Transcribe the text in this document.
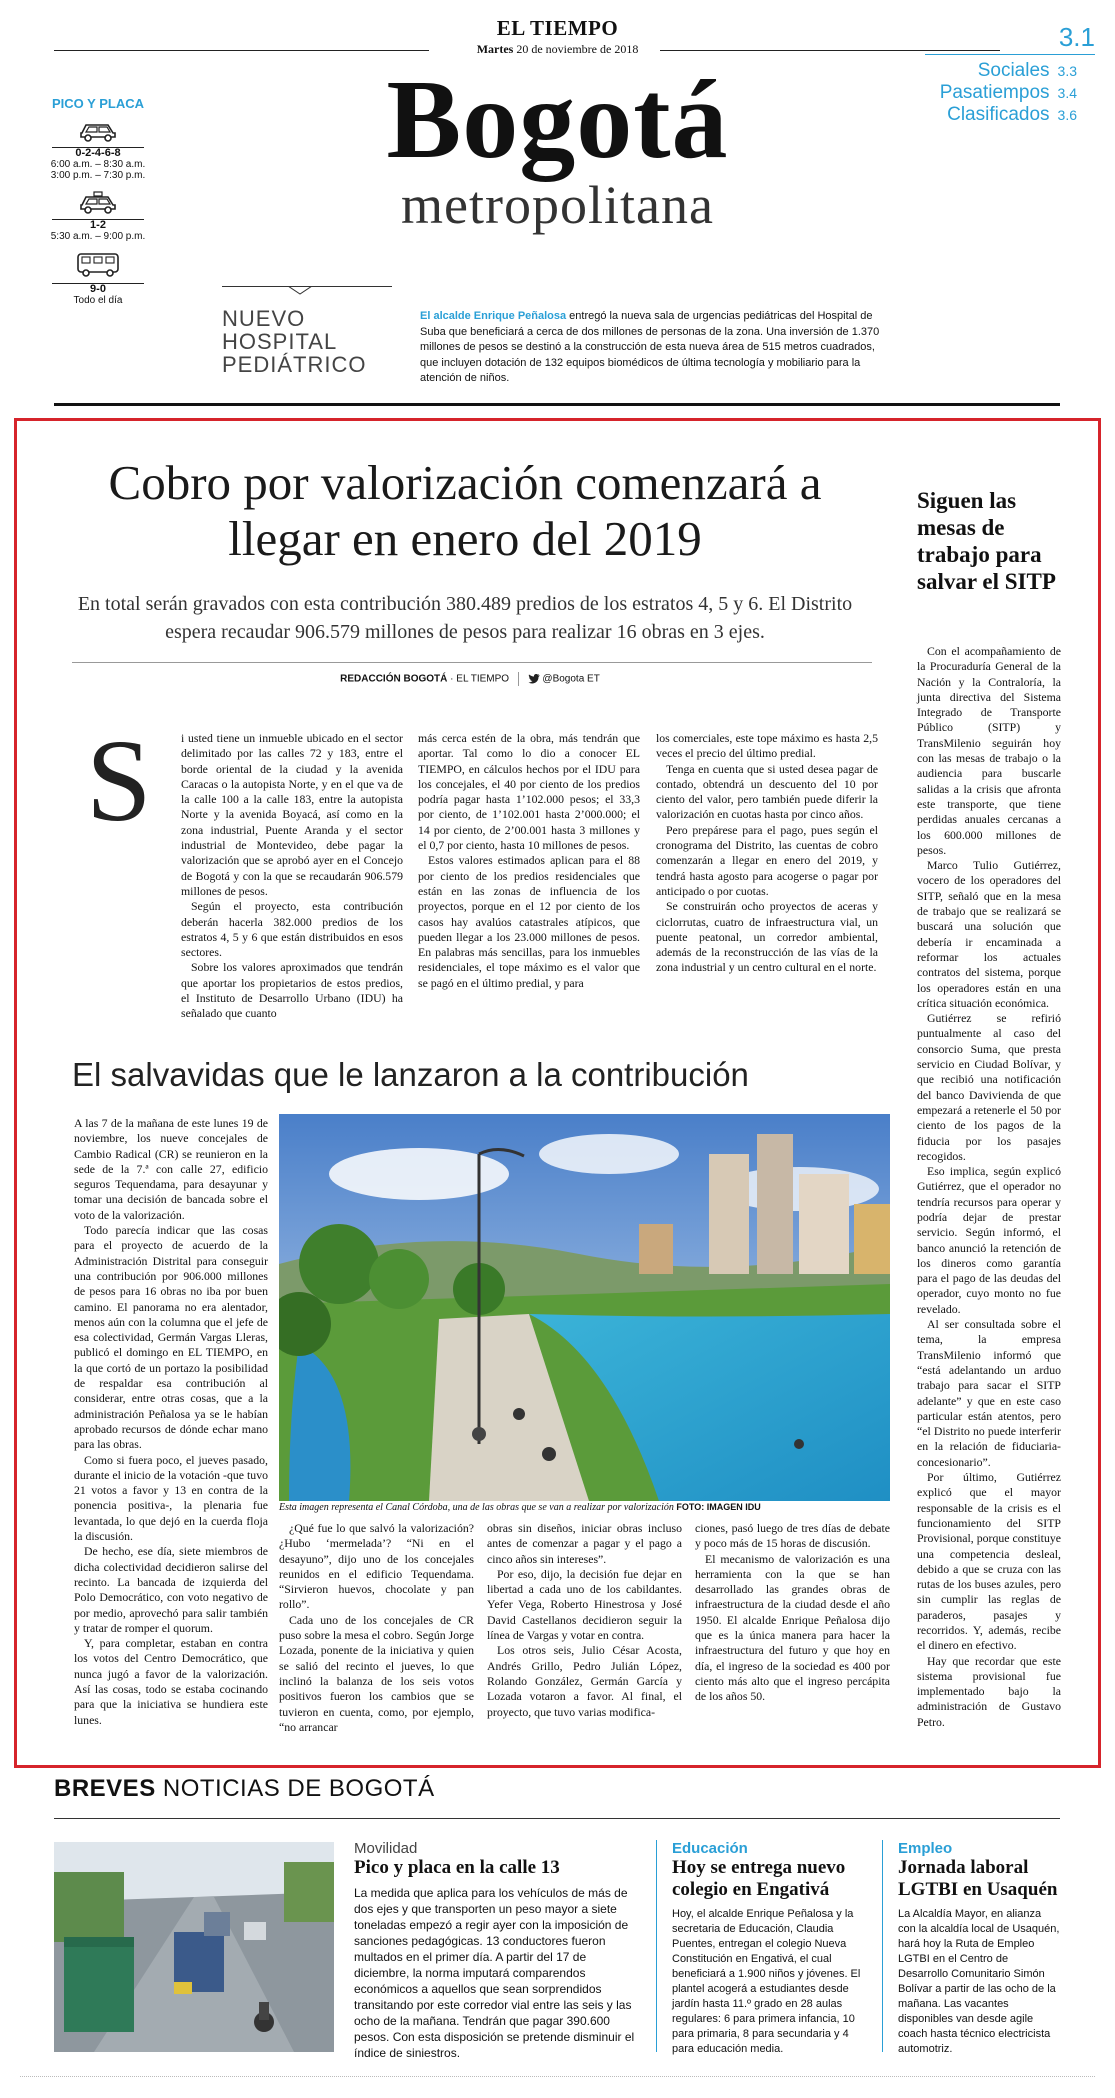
EL TIEMPO
Martes 20 de noviembre de 2018	3.1
Sociales 3.3
Pasatiempos 3.4
Clasificados 3.6
Bogotá
metropolitana
PICO Y PLACA
0-2-4-6-8
6:00 a.m. – 8:30 a.m.
3:00 p.m. – 7:30 p.m.
1-2
5:30 a.m. – 9:00 p.m.
9-0
Todo el día
NUEVO
HOSPITAL
PEDIÁTRICO
El alcalde Enrique Peñalosa entregó la nueva sala de urgencias pediátricas del Hospital de Suba que beneficiará a cerca de dos millones de personas de la zona. Una inversión de 1.370 millones de pesos se destinó a la construcción de esta nueva área de 515 metros cuadrados, que incluyen dotación de 132 equipos biomédicos de última tecnología y mobiliario para la atención de niños.
Cobro por valorización comenzará a llegar en enero del 2019
En total serán gravados con esta contribución 380.489 predios de los estratos 4, 5 y 6. El Distrito espera recaudar 906.579 millones de pesos para realizar 16 obras en 3 ejes.
REDACCIÓN BOGOTÁ · EL TIEMPO	@Bogota ET
S i usted tiene un inmueble ubicado en el sector delimitado por las calles 72 y 183, entre el borde oriental de la ciudad y la avenida Caracas o la autopista Norte, y en el que va de la calle 100 a la calle 183, entre la autopista Norte y la avenida Boyacá, así como en la zona industrial, Puente Aranda y el sector industrial de Montevideo, debe pagar la valorización que se aprobó ayer en el Concejo de Bogotá y con la que se recaudarán 906.579 millones de pesos.

Según el proyecto, esta contribución deberán hacerla 382.000 predios de los estratos 4, 5 y 6 que están distribuidos en esos sectores.

Sobre los valores aproximados que tendrán que aportar los propietarios de estos predios, el Instituto de Desarrollo Urbano (IDU) ha señalado que cuanto

más cerca estén de la obra, más tendrán que aportar. Tal como lo dio a conocer EL TIEMPO, en cálculos hechos por el IDU para los concejales, el 40 por ciento de los predios podría pagar hasta 1’102.000 pesos; el 33,3 por ciento, de 1’102.001 hasta 2’000.000; el 14 por ciento, de 2’00.001 hasta 3 millones y el 0,7 por ciento, hasta 10 millones de pesos.

Estos valores estimados aplican para el 88 por ciento de los predios residenciales que están en las zonas de influencia de los proyectos, porque en el 12 por ciento de los casos hay avalúos catastrales atípicos, que pueden llegar a los 23.000 millones de pesos. En palabras más sencillas, para los inmuebles residenciales, el tope máximo es el valor que se pagó en el último predial, y para

los comerciales, este tope máximo es hasta 2,5 veces el precio del último predial.

Tenga en cuenta que si usted desea pagar de contado, obtendrá un descuento del 10 por ciento del valor, pero también puede diferir la valorización en cuotas hasta por cinco años.

Pero prepárese para el pago, pues según el cronograma del Distrito, las cuentas de cobro comenzarán a llegar en enero del 2019, y tendrá hasta agosto para acogerse o pagar por anticipado o por cuotas.

Se construirán ocho proyectos de aceras y ciclorrutas, cuatro de infraestructura vial, un puente peatonal, un corredor ambiental, además de la reconstrucción de las vías de la zona industrial y un centro cultural en el norte.

El salvavidas que le lanzaron a la contribución

A las 7 de la mañana de este lunes 19 de noviembre, los nueve concejales de Cambio Radical (CR) se reunieron en la sede de la 7.ª con calle 27, edificio seguros Tequendama, para desayunar y tomar una decisión de bancada sobre el voto de la valorización.

Todo parecía indicar que las cosas para el proyecto de acuerdo de la Administración Distrital para conseguir una contribución por 906.000 millones de pesos para 16 obras no iba por buen camino. El panorama no era alentador, menos aún con la columna que el jefe de esa colectividad, Germán Vargas Lleras, publicó el domingo en EL TIEMPO, en la que cortó de un portazo la posibilidad de respaldar esa contribución al considerar, entre otras cosas, que a la administración Peñalosa ya se le habían aprobado recursos de dónde echar mano para las obras.

Como si fuera poco, el jueves pasado, durante el inicio de la votación -que tuvo 21 votos a favor y 13 en contra de la ponencia positiva-, la plenaria fue levantada, lo que dejó en la cuerda floja la discusión.

De hecho, ese día, siete miembros de dicha colectividad decidieron salirse del recinto. La bancada de izquierda del Polo Democrático, con voto negativo de por medio, aprovechó para salir también y tratar de romper el quorum.

Y, para completar, estaban en contra los votos del Centro Democrático, que nunca jugó a favor de la valorización. Así las cosas, todo se estaba cocinando para que la iniciativa se hundiera este lunes.

Esta imagen representa el Canal Córdoba, una de las obras que se van a realizar por valorización FOTO: IMAGEN IDU

¿Qué fue lo que salvó la valorización? ¿Hubo ‘mermelada’? “Ni en el desayuno”, dijo uno de los concejales reunidos en el edificio Tequendama. “Sirvieron huevos, chocolate y pan rollo”.

Cada uno de los concejales de CR puso sobre la mesa el cobro. Según Jorge Lozada, ponente de la iniciativa y quien se salió del recinto el jueves, lo que inclinó la balanza de los seis votos positivos fueron los cambios que se tuvieron en cuenta, como, por ejemplo, “no arrancar

obras sin diseños, iniciar obras incluso antes de comenzar a pagar y el pago a cinco años sin intereses”.

Por eso, dijo, la decisión fue dejar en libertad a cada uno de los cabildantes. Yefer Vega, Roberto Hinestrosa y José David Castellanos decidieron seguir la línea de Vargas y votar en contra.

Los otros seis, Julio César Acosta, Andrés Grillo, Pedro Julián López, Rolando González, Germán García y Lozada votaron a favor. Al final, el proyecto, que tuvo varias modifica-

ciones, pasó luego de tres días de debate y poco más de 15 horas de discusión.

El mecanismo de valorización es una herramienta con la que se han desarrollado las grandes obras de infraestructura de la ciudad desde el año 1950. El alcalde Enrique Peñalosa dijo que es la única manera para hacer la infraestructura del futuro y que hoy en día, el ingreso de la sociedad es 400 por ciento más alto que el ingreso percápita de los años 50.

Siguen las mesas de trabajo para salvar el SITP

Con el acompañamiento de la Procuraduría General de la Nación y la Contraloría, la junta directiva del Sistema Integrado de Transporte Público (SITP) y TransMilenio seguirán hoy con las mesas de trabajo o la audiencia para buscarle salidas a la crisis que afronta este transporte, que tiene perdidas anuales cercanas a los 600.000 millones de pesos.

Marco Tulio Gutiérrez, vocero de los operadores del SITP, señaló que en la mesa de trabajo que se realizará se buscará una solución que debería ir encaminada a reformar los actuales contratos del sistema, porque los operadores están en una crítica situación económica.

Gutiérrez se refirió puntualmente al caso del consorcio Suma, que presta servicio en Ciudad Bolívar, y que recibió una notificación del banco Davivienda de que empezará a retenerle el 50 por ciento de los pagos de la fiducia por los pasajes recogidos.

Eso implica, según explicó Gutiérrez, que el operador no tendría recursos para operar y podría dejar de prestar servicio. Según informó, el banco anunció la retención de los dineros como garantía para el pago de las deudas del operador, cuyo monto no fue revelado.

Al ser consultada sobre el tema, la empresa TransMilenio informó que “está adelantando un arduo trabajo para sacar el SITP adelante” y que en este caso particular están atentos, pero “el Distrito no puede interferir en la relación de fiduciaria-concesionario”.

Por último, Gutiérrez explicó que el mayor responsable de la crisis es el funcionamiento del SITP Provisional, porque constituye una competencia desleal, debido a que se cruza con las rutas de los buses azules, pero sin cumplir las reglas de paraderos, pasajes y recorridos. Y, además, recibe el dinero en efectivo.

Hay que recordar que este sistema provisional fue implementado bajo la administración de Gustavo Petro.

BREVES NOTICIAS DE BOGOTÁ
Movilidad
Pico y placa en la calle 13
La medida que aplica para los vehículos de más de dos ejes y que transporten un peso mayor a siete toneladas empezó a regir ayer con la imposición de sanciones pedagógicas. 13 conductores fueron multados en el primer día. A partir del 17 de diciembre, la norma imputará comparendos económicos a aquellos que sean sorprendidos transitando por este corredor vial entre las seis y las ocho de la mañana. Tendrán que pagar 390.600 pesos. Con esta disposición se pretende disminuir el índice de siniestros.
Educación
Hoy se entrega nuevo colegio en Engativá
Hoy, el alcalde Enrique Peñalosa y la secretaria de Educación, Claudia Puentes, entregan el colegio Nueva Constitución en Engativá, el cual beneficiará a 1.900 niños y jóvenes. El plantel acogerá a estudiantes desde jardín hasta 11.º grado en 28 aulas regulares: 6 para primera infancia, 10 para primaria, 8 para secundaria y 4 para educación media.
Empleo
Jornada laboral LGTBI en Usaquén
La Alcaldía Mayor, en alianza con la alcaldía local de Usaquén, hará hoy la Ruta de Empleo LGTBI en el Centro de Desarrollo Comunitario Simón Bolívar a partir de las ocho de la mañana. Las vacantes disponibles van desde agile coach hasta técnico electricista automotriz.
